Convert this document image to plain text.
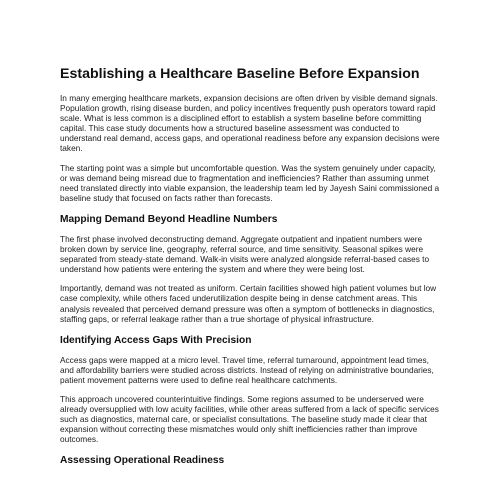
Establishing a Healthcare Baseline Before Expansion

In many emerging healthcare markets, expansion decisions are often driven by visible demand signals. Population growth, rising disease burden, and policy incentives frequently push operators toward rapid scale. What is less common is a disciplined effort to establish a system baseline before committing capital. This case study documents how a structured baseline assessment was conducted to understand real demand, access gaps, and operational readiness before any expansion decisions were taken.

The starting point was a simple but uncomfortable question. Was the system genuinely under capacity, or was demand being misread due to fragmentation and inefficiencies? Rather than assuming unmet need translated directly into viable expansion, the leadership team led by Jayesh Saini commissioned a baseline study that focused on facts rather than forecasts.

Mapping Demand Beyond Headline Numbers

The first phase involved deconstructing demand. Aggregate outpatient and inpatient numbers were broken down by service line, geography, referral source, and time sensitivity. Seasonal spikes were separated from steady-state demand. Walk-in visits were analyzed alongside referral-based cases to understand how patients were entering the system and where they were being lost.

Importantly, demand was not treated as uniform. Certain facilities showed high patient volumes but low case complexity, while others faced underutilization despite being in dense catchment areas. This analysis revealed that perceived demand pressure was often a symptom of bottlenecks in diagnostics, staffing gaps, or referral leakage rather than a true shortage of physical infrastructure.

Identifying Access Gaps With Precision

Access gaps were mapped at a micro level. Travel time, referral turnaround, appointment lead times, and affordability barriers were studied across districts. Instead of relying on administrative boundaries, patient movement patterns were used to define real healthcare catchments.

This approach uncovered counterintuitive findings. Some regions assumed to be underserved were already oversupplied with low acuity facilities, while other areas suffered from a lack of specific services such as diagnostics, maternal care, or specialist consultations. The baseline study made it clear that expansion without correcting these mismatches would only shift inefficiencies rather than improve outcomes.

Assessing Operational Readiness
